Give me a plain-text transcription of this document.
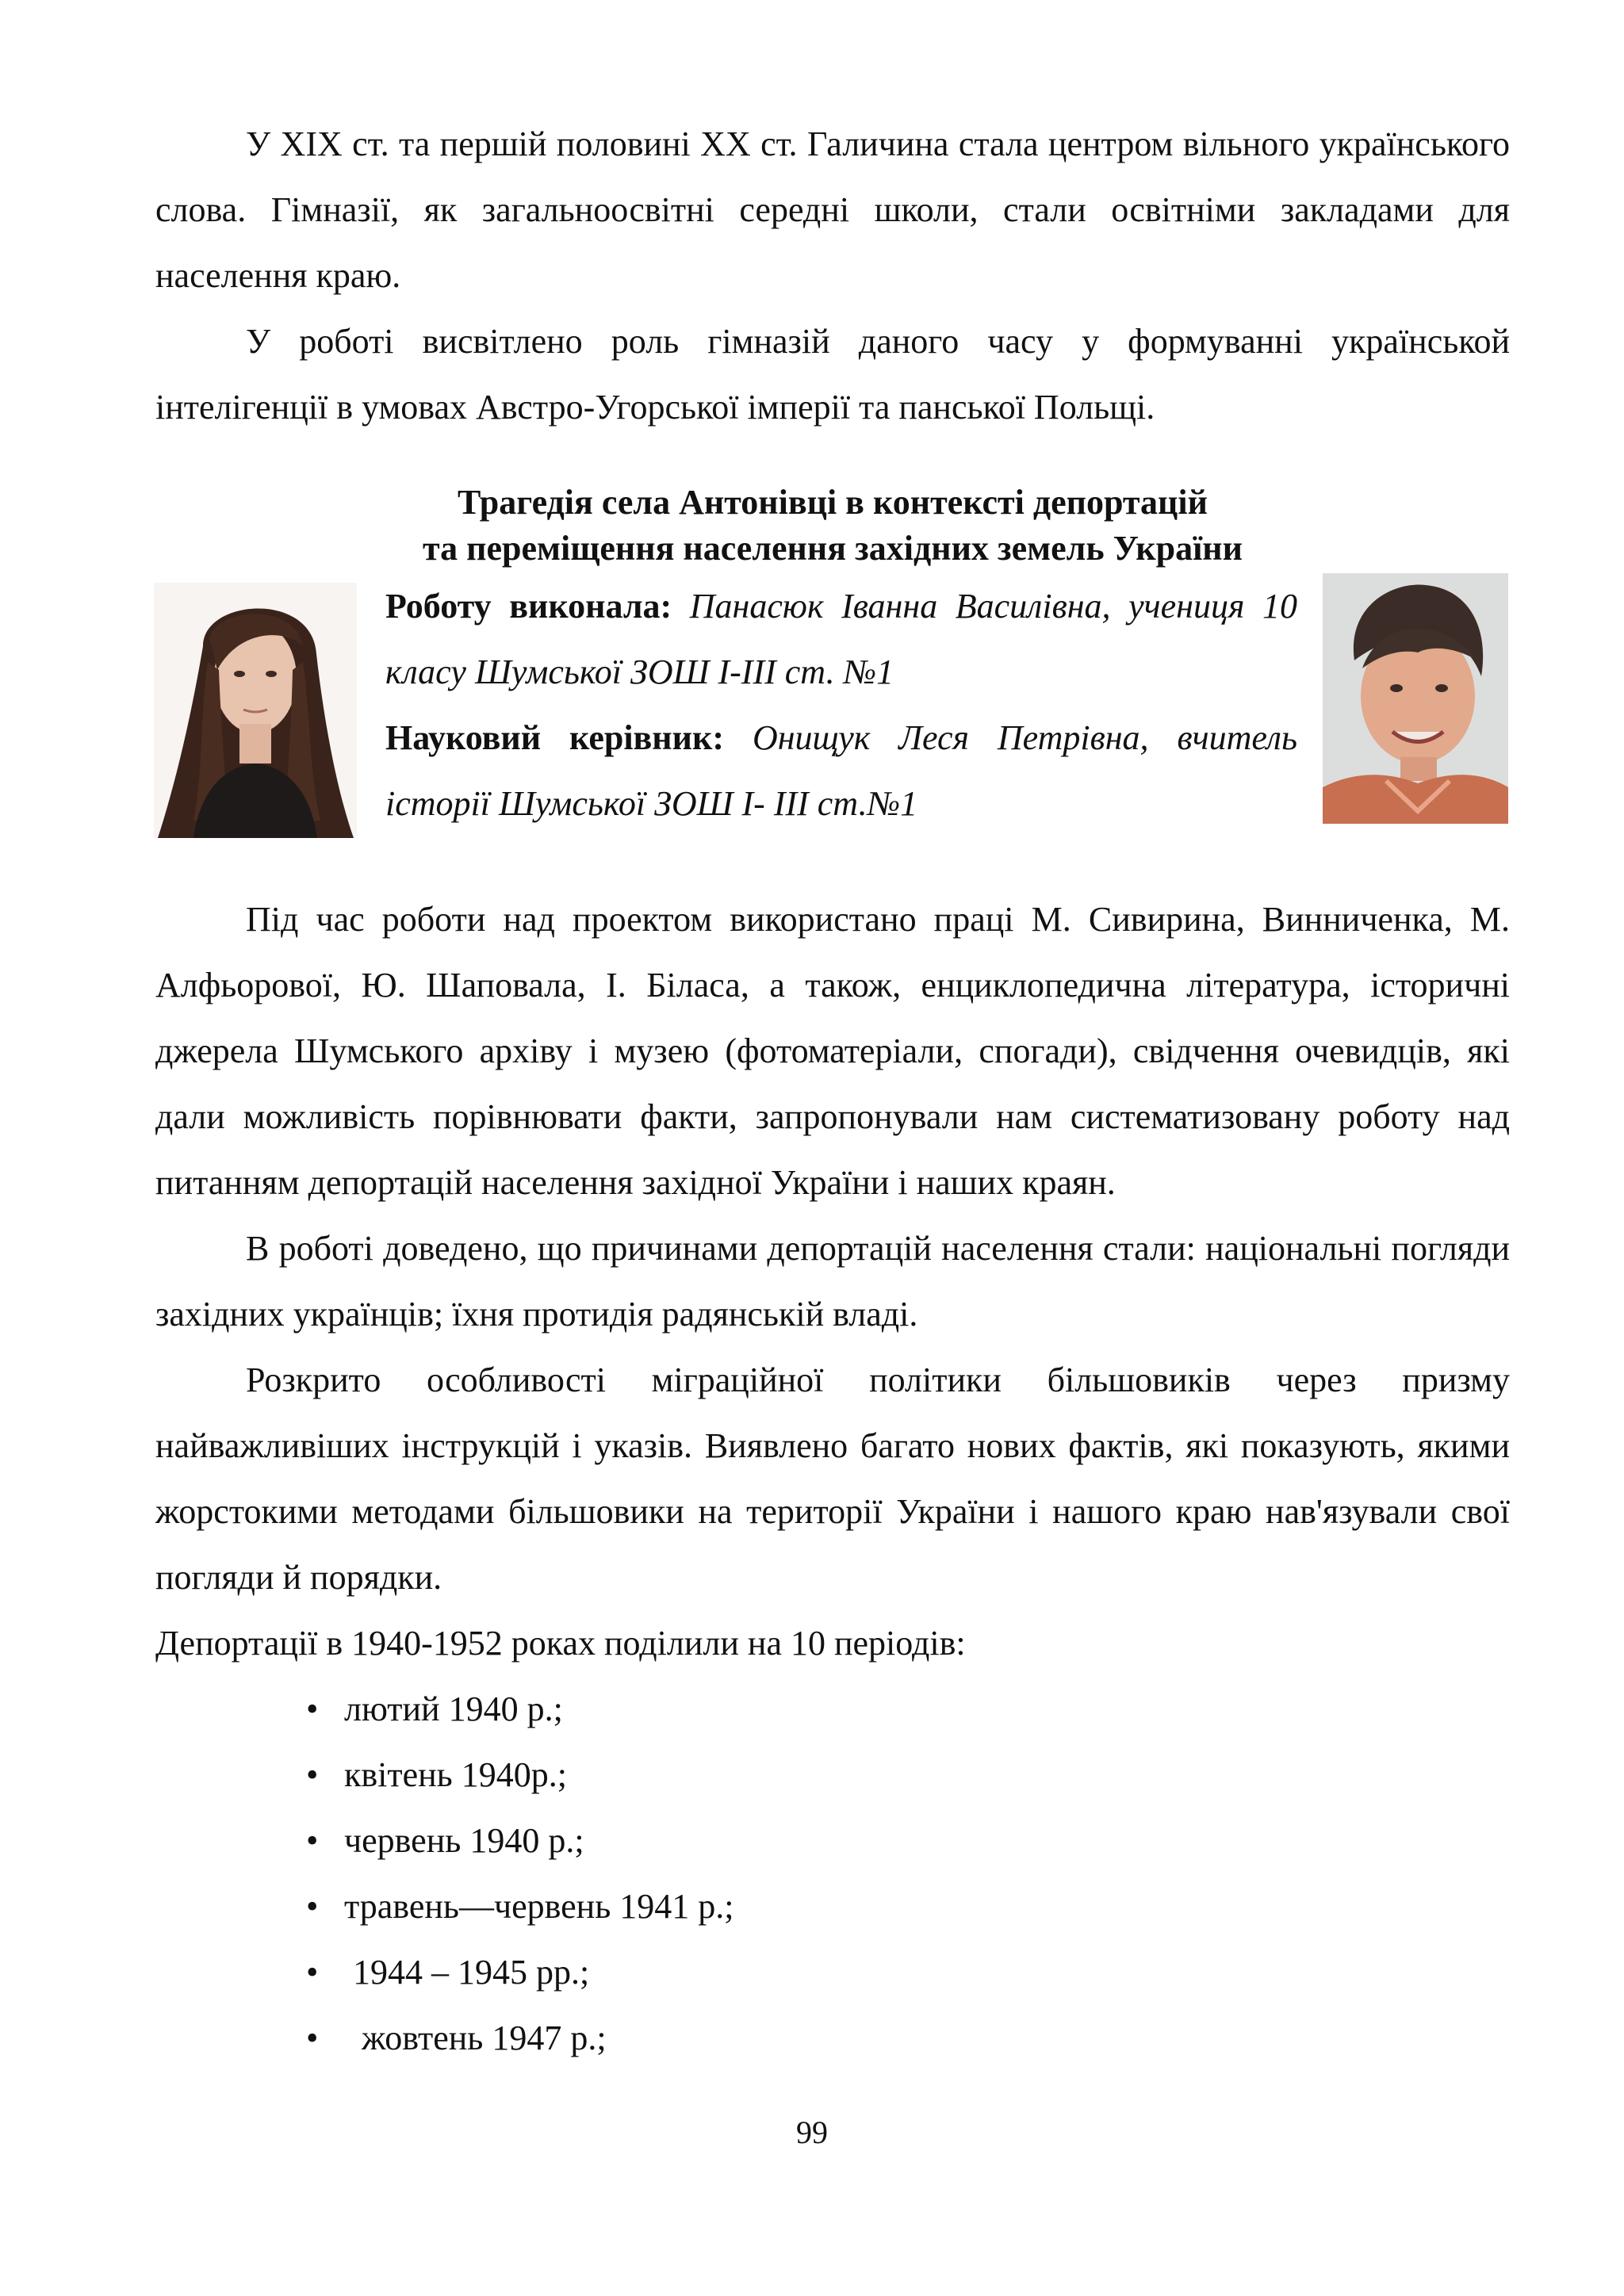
У XIX ст. та першій половині XX ст. Галичина стала центром вільного українського слова. Гімназії, як загальноосвітні середні школи, стали освітніми закладами для населення краю.

У роботі висвітлено роль гімназій даного часу у формуванні українськой інтелігенції в умовах Австро-Угорської імперії та панської Польщі.

Трагедія села Антонівці в контексті депортацій
та переміщення населення західних земель України

Роботу виконала: Панасюк Іванна Василівна, учениця 10 класу Шумської ЗОШ I-III ст. №1

Науковий керівник: Онищук Леся Петрівна, вчитель історії Шумської ЗОШ I- III ст.№1

Під час роботи над проектом використано праці М. Сивирина, Винниченка, М. Алфьорової, Ю. Шаповала, І. Біласа, а також, енциклопедична література, історичні джерела Шумського архіву і музею (фотоматеріали, спогади), свідчення очевидців, які дали можливість порівнювати факти, запропонували нам систематизовану роботу над питанням депортацій населення західної України і наших краян.

В роботі доведено, що причинами депортацій населення стали: національні погляди західних українців; їхня протидія радянській владі.

Розкрито особливості міграційної політики більшовиків через призму найважливіших інструкцій і указів. Виявлено багато нових фактів, які показують, якими жорстокими методами більшовики на території України і нашого краю нав'язували свої погляди й порядки.

Депортації в 1940-1952 роках поділили на 10 періодів:

• лютий 1940 р.;
• квітень 1940р.;
• червень 1940 р.;
• травень—червень 1941 р.;
• 1944 – 1945 рр.;
• жовтень 1947 р.;
99
